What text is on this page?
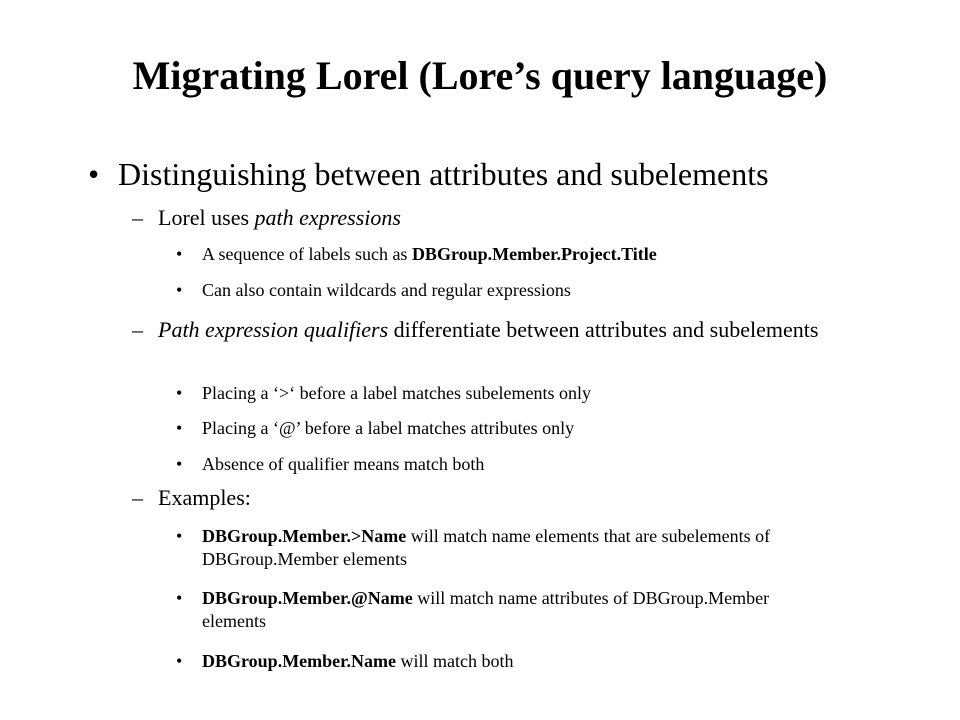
Migrating Lorel (Lore’s query language)
• Distinguishing between attributes and subelements
– Lorel uses path expressions
•	A sequence of labels such as DBGroup.Member.Project.Title
•	Can also contain wildcards and regular expressions
– Path expression qualifiers differentiate between attributes and subelements
•	Placing a ‘>‘ before a label matches subelements only
•	Placing a ‘@’ before a label matches attributes only
•	Absence of qualifier means match both
– Examples:
•	DBGroup.Member.>Name will match name elements that are subelements of DBGroup.Member elements
•	DBGroup.Member.@Name will match name attributes of DBGroup.Member elements
•	DBGroup.Member.Name will match both
